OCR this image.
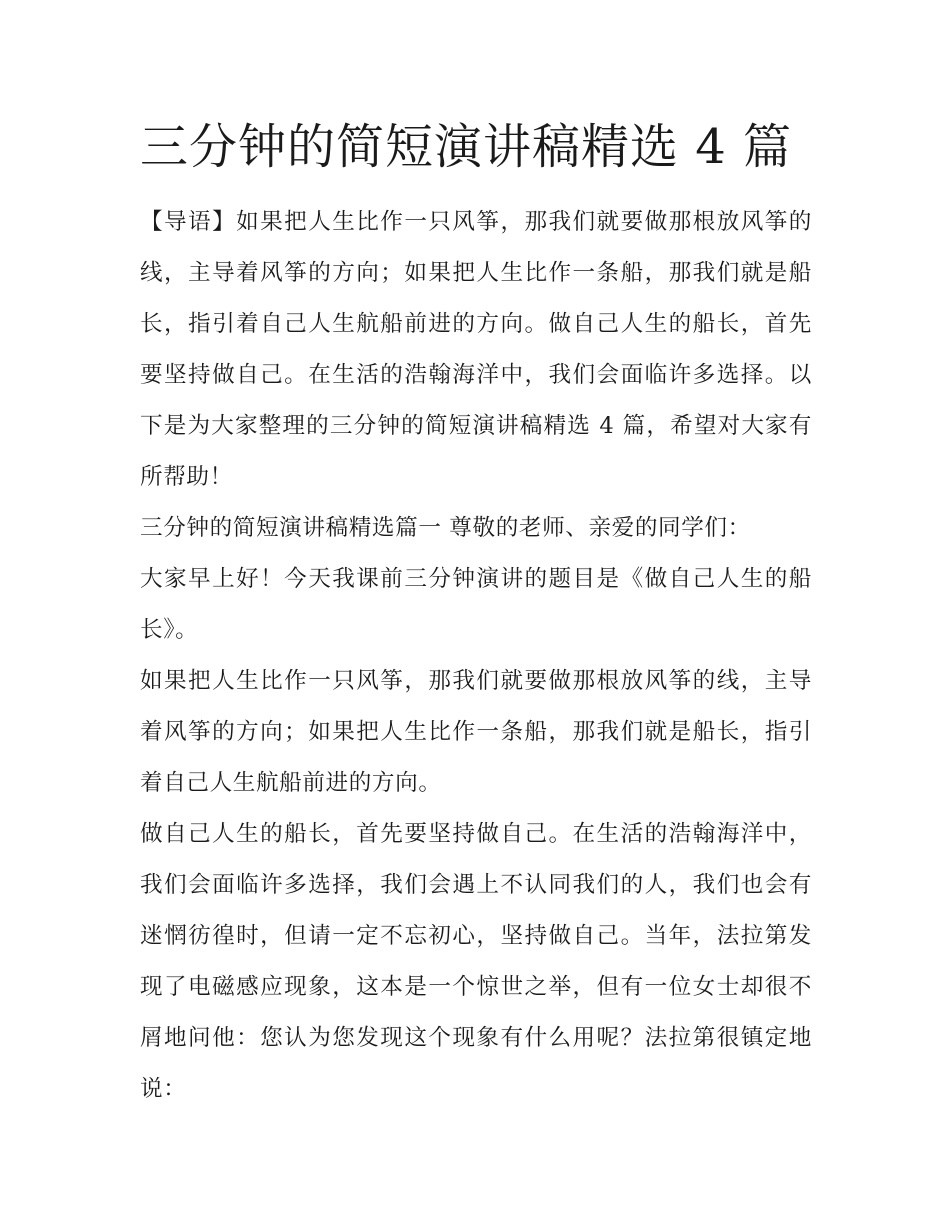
三分钟的简短演讲稿精选 4 篇

【导语】如果把人生比作一只风筝，那我们就要做那根放风筝的线，主导着风筝的方向；如果把人生比作一条船，那我们就是船长，指引着自己人生航船前进的方向。做自己人生的船长，首先要坚持做自己。在生活的浩翰海洋中，我们会面临许多选择。以下是为大家整理的三分钟的简短演讲稿精选 4 篇，希望对大家有所帮助！

三分钟的简短演讲稿精选篇一 尊敬的老师、亲爱的同学们：

大家早上好！今天我课前三分钟演讲的题目是《做自己人生的船长》。

如果把人生比作一只风筝，那我们就要做那根放风筝的线，主导着风筝的方向；如果把人生比作一条船，那我们就是船长，指引着自己人生航船前进的方向。

做自己人生的船长，首先要坚持做自己。在生活的浩翰海洋中，我们会面临许多选择，我们会遇上不认同我们的人，我们也会有迷惘彷徨时，但请一定不忘初心，坚持做自己。当年，法拉第发现了电磁感应现象，这本是一个惊世之举，但有一位女士却很不屑地问他：您认为您发现这个现象有什么用呢？法拉第很镇定地说：
